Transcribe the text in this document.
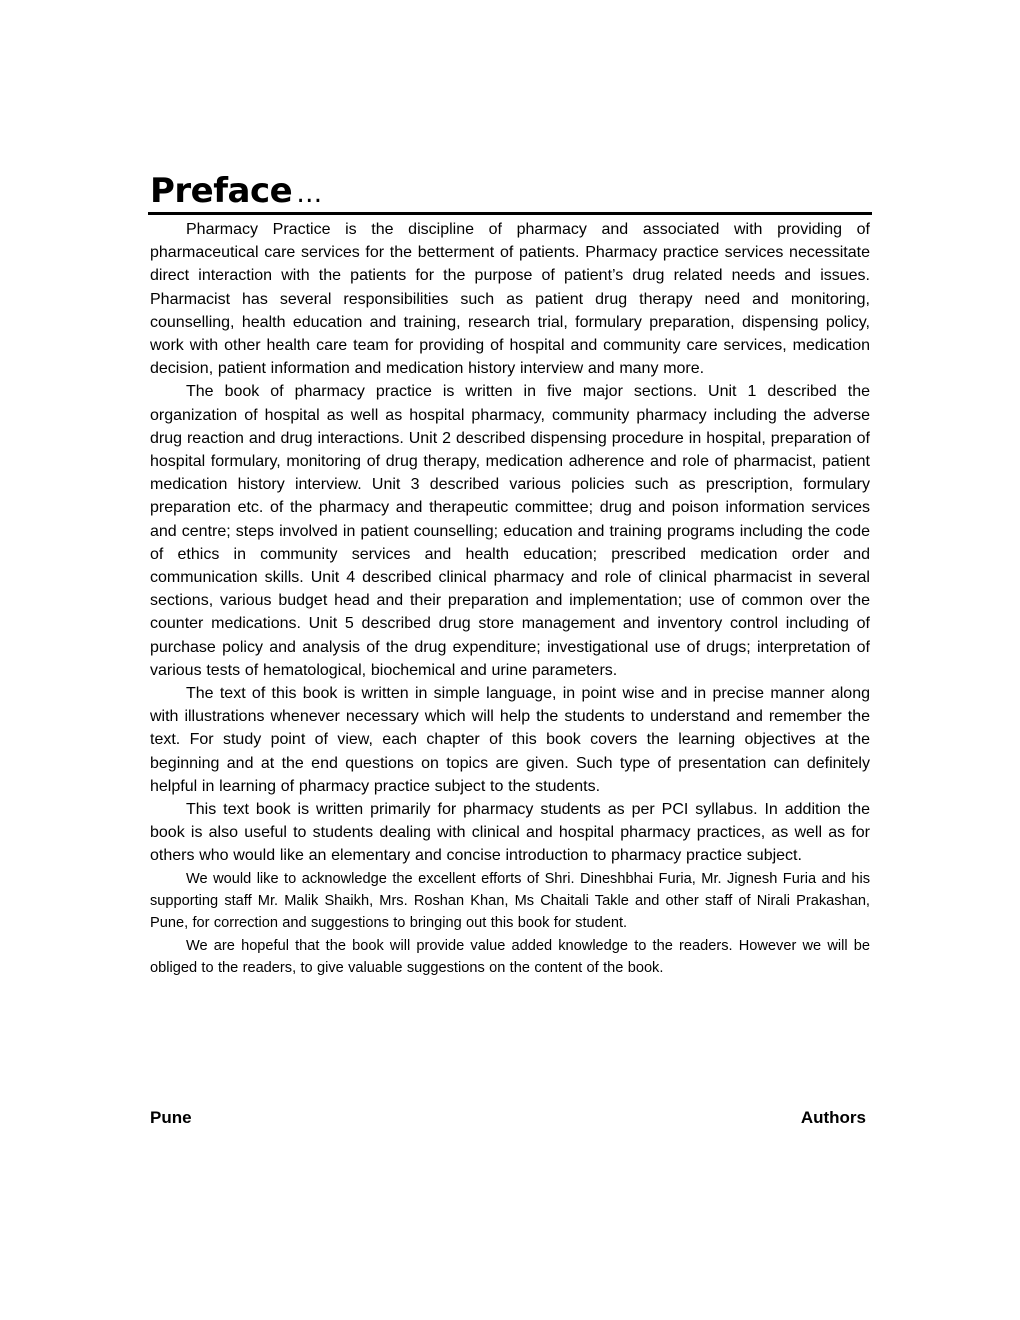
Preface …

Pharmacy Practice is the discipline of pharmacy and associated with providing of pharmaceutical care services for the betterment of patients. Pharmacy practice services necessitate direct interaction with the patients for the purpose of patient’s drug related needs and issues. Pharmacist has several responsibilities such as patient drug therapy need and monitoring, counselling, health education and training, research trial, formulary preparation, dispensing policy, work with other health care team for providing of hospital and community care services, medication decision, patient information and medication history interview and many more.

The book of pharmacy practice is written in five major sections. Unit 1 described the organization of hospital as well as hospital pharmacy, community pharmacy including the adverse drug reaction and drug interactions. Unit 2 described dispensing procedure in hospital, preparation of hospital formulary, monitoring of drug therapy, medication adherence and role of pharmacist, patient medication history interview. Unit 3 described various policies such as prescription, formulary preparation etc. of the pharmacy and therapeutic committee; drug and poison information services and centre; steps involved in patient counselling; education and training programs including the code of ethics in community services and health education; prescribed medication order and communication skills. Unit 4 described clinical pharmacy and role of clinical pharmacist in several sections, various budget head and their preparation and implementation; use of common over the counter medications. Unit 5 described drug store management and inventory control including of purchase policy and analysis of the drug expenditure; investigational use of drugs; interpretation of various tests of hematological, biochemical and urine parameters.

The text of this book is written in simple language, in point wise and in precise manner along with illustrations whenever necessary which will help the students to understand and remember the text. For study point of view, each chapter of this book covers the learning objectives at the beginning and at the end questions on topics are given. Such type of presentation can definitely helpful in learning of pharmacy practice subject to the students.

This text book is written primarily for pharmacy students as per PCI syllabus. In addition the book is also useful to students dealing with clinical and hospital pharmacy practices, as well as for others who would like an elementary and concise introduction to pharmacy practice subject.

We would like to acknowledge the excellent efforts of Shri. Dineshbhai Furia, Mr. Jignesh Furia and his supporting staff Mr. Malik Shaikh, Mrs. Roshan Khan, Ms Chaitali Takle and other staff of Nirali Prakashan, Pune, for correction and suggestions to bringing out this book for student.

We are hopeful that the book will provide value added knowledge to the readers. However we will be obliged to the readers, to give valuable suggestions on the content of the book.

Pune	Authors
